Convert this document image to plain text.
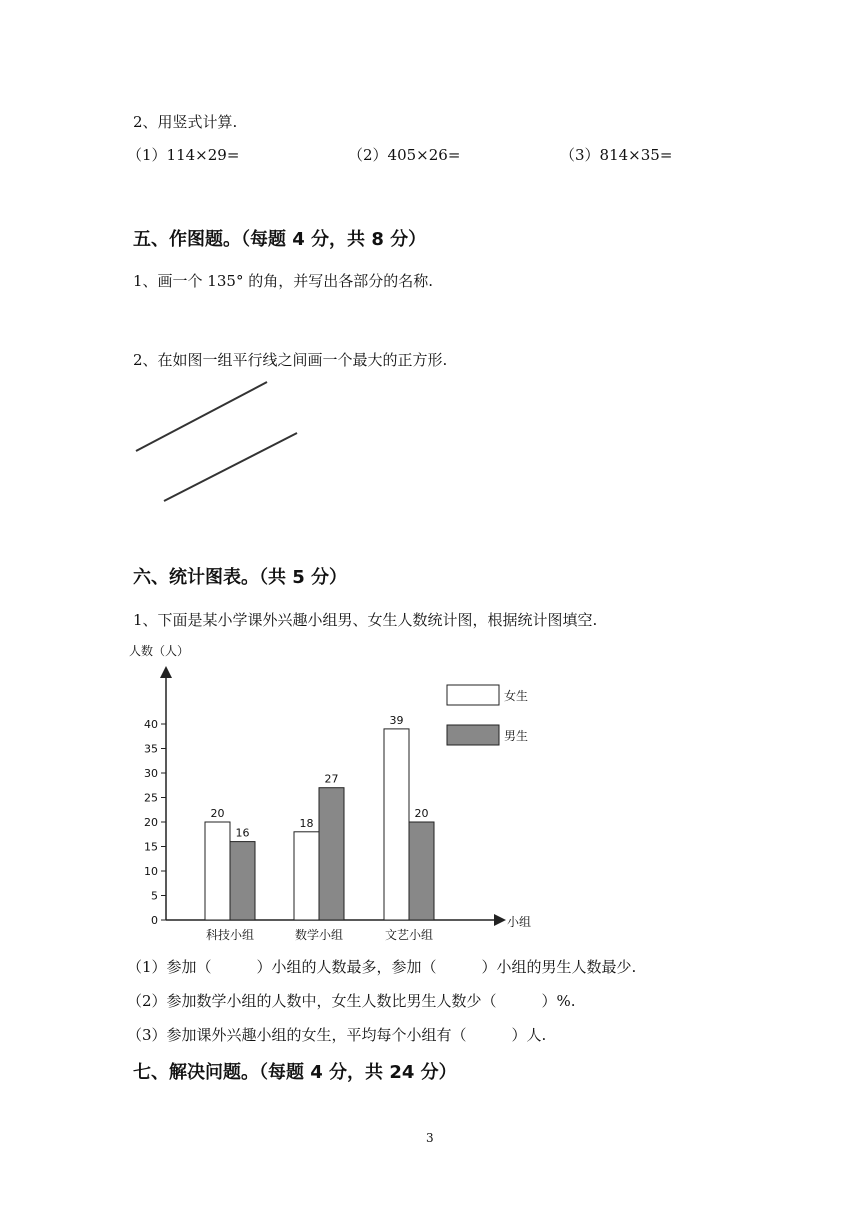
2、用竖式计算.
（1）114×29=	（2）405×26=	（3）814×35=
五、作图题。（每题 4 分，共 8 分）
1、画一个 135° 的角，并写出各部分的名称.
2、在如图一组平行线之间画一个最大的正方形.
六、统计图表。（共 5 分）
1、下面是某小学课外兴趣小组男、女生人数统计图，根据统计图填空.
人数（人）
小组
0
5
10
15
20
25
30
35
40
20
16
科技小组
18
27
数学小组
39
20
文艺小组
女生
男生
（1）参加（　　　）小组的人数最多，参加（　　　）小组的男生人数最少.
（2）参加数学小组的人数中，女生人数比男生人数少（　　　）%.
（3）参加课外兴趣小组的女生，平均每个小组有（　　　）人.
七、解决问题。（每题 4 分，共 24 分）
3
